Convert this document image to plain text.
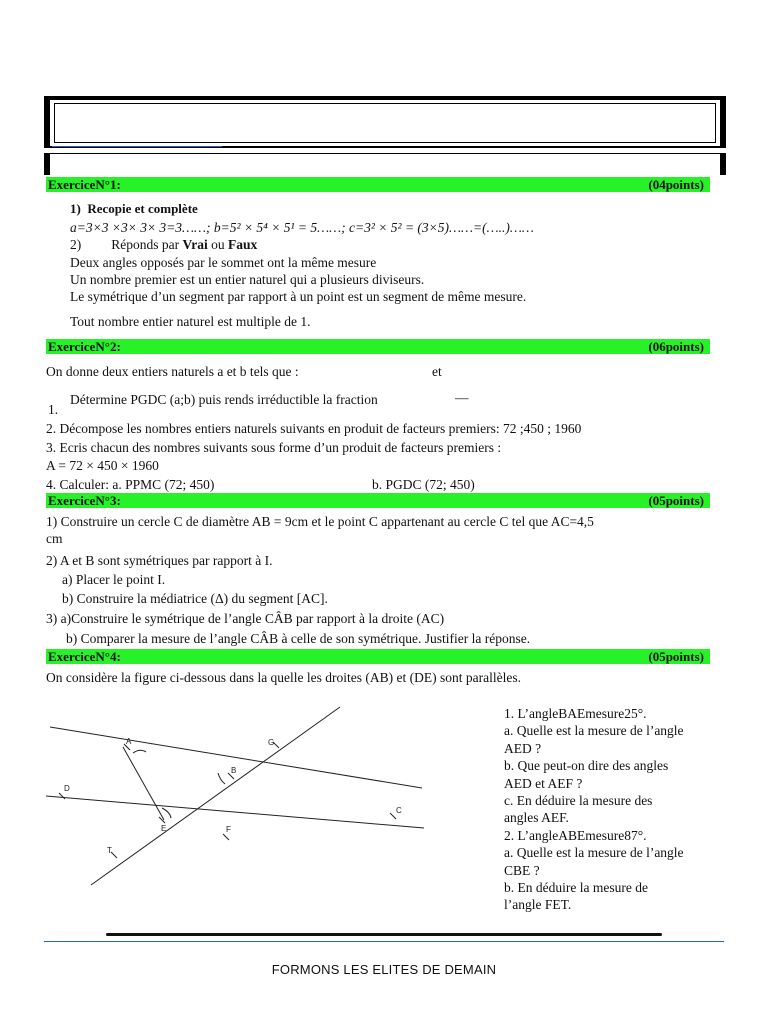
ExerciceN°1:	(04points)
1) Recopie et complète
a=3×3 ×3× 3× 3=3……; b=5² × 5⁴ × 5¹ = 5……; c=3² × 5² = (3×5)……=(…..)……
2) Réponds par Vrai ou Faux
Deux angles opposés par le sommet ont la même mesure
Un nombre premier est un entier naturel qui a plusieurs diviseurs.
Le symétrique d’un segment par rapport à un point est un segment de même mesure.
Tout nombre entier naturel est multiple de 1.
ExerciceN°2:	(06points)
On donne deux entiers naturels a et b tels que :	et
Détermine PGDC (a;b) puis rends irréductible la fraction	—
1.
2. Décompose les nombres entiers naturels suivants en produit de facteurs premiers: 72 ;450 ; 1960
3. Ecris chacun des nombres suivants sous forme d’un produit de facteurs premiers :
A = 72 × 450 × 1960
4. Calculer: a. PPMC (72; 450)	b. PGDC (72; 450)
ExerciceN°3:	(05points)
1) Construire un cercle C de diamètre AB = 9cm et le point C appartenant au cercle C tel que AC=4,5
cm
2) A et B sont symétriques par rapport à I.
a) Placer le point I.
b) Construire la médiatrice (Δ) du segment [AC].
3) a)Construire le symétrique de l’angle CÂB par rapport à la droite (AC)
b) Comparer la mesure de l’angle CÂB à celle de son symétrique. Justifier la réponse.
ExerciceN°4:	(05points)
On considère la figure ci-dessous dans la quelle les droites (AB) et (DE) sont parallèles.
A
B
C
D
E	F
G
T
1. L’angleBAEmesure25°.
a. Quelle est la mesure de l’angle
AED ?
b. Que peut-on dire des angles
AED et AEF ?
c. En déduire la mesure des
angles AEF.
2. L’angleABEmesure87°.
a. Quelle est la mesure de l’angle
CBE ?
b. En déduire la mesure de
l’angle FET.
FORMONS LES ELITES DE DEMAIN
